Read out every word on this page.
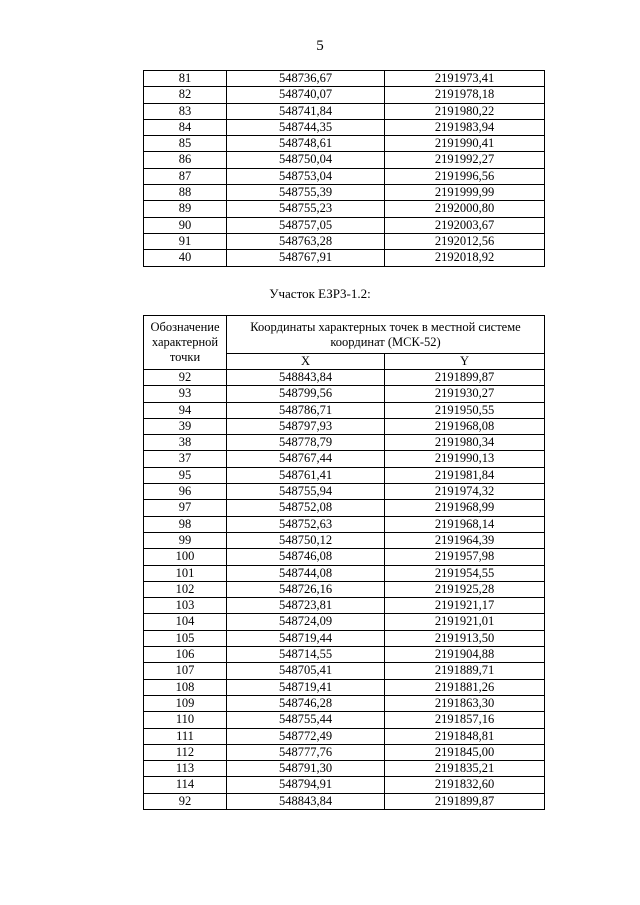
5
81	548736,67	2191973,41
82	548740,07	2191978,18
83	548741,84	2191980,22
84	548744,35	2191983,94
85	548748,61	2191990,41
86	548750,04	2191992,27
87	548753,04	2191996,56
88	548755,39	2191999,99
89	548755,23	2192000,80
90	548757,05	2192003,67
91	548763,28	2192012,56
40	548767,91	2192018,92
Участок ЕЗР3-1.2:
Обозначение характерной точки	Координаты характерных точек в местной системе координат (МСК-52)	
	X	Y
92	548843,84	2191899,87
93	548799,56	2191930,27
94	548786,71	2191950,55
39	548797,93	2191968,08
38	548778,79	2191980,34
37	548767,44	2191990,13
95	548761,41	2191981,84
96	548755,94	2191974,32
97	548752,08	2191968,99
98	548752,63	2191968,14
99	548750,12	2191964,39
100	548746,08	2191957,98
101	548744,08	2191954,55
102	548726,16	2191925,28
103	548723,81	2191921,17
104	548724,09	2191921,01
105	548719,44	2191913,50
106	548714,55	2191904,88
107	548705,41	2191889,71
108	548719,41	2191881,26
109	548746,28	2191863,30
110	548755,44	2191857,16
111	548772,49	2191848,81
112	548777,76	2191845,00
113	548791,30	2191835,21
114	548794,91	2191832,60
92	548843,84	2191899,87
